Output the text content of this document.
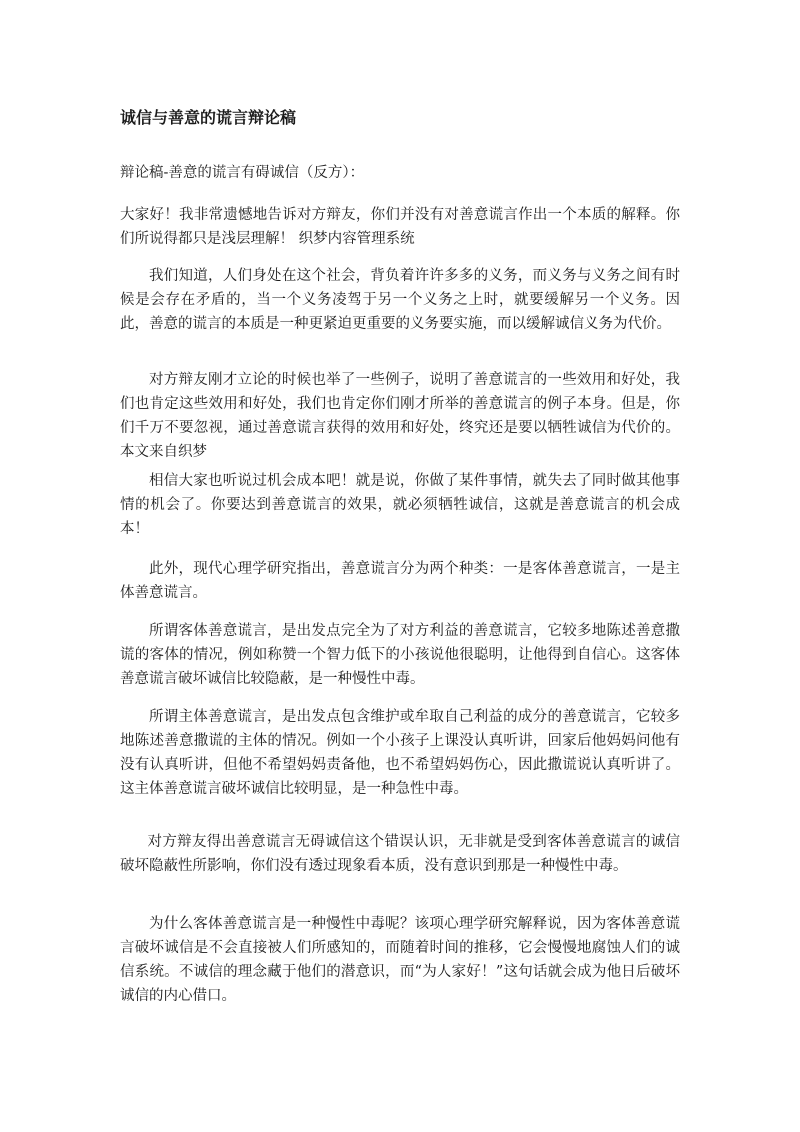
诚信与善意的谎言辩论稿

辩论稿-善意的谎言有碍诚信（反方）：

大家好！我非常遗憾地告诉对方辩友，你们并没有对善意谎言作出一个本质的解释。你们所说得都只是浅层理解！ 织梦内容管理系统

我们知道，人们身处在这个社会，背负着许许多多的义务，而义务与义务之间有时候是会存在矛盾的，当一个义务凌驾于另一个义务之上时，就要缓解另一个义务。因此，善意的谎言的本质是一种更紧迫更重要的义务要实施，而以缓解诚信义务为代价。

对方辩友刚才立论的时候也举了一些例子，说明了善意谎言的一些效用和好处，我们也肯定这些效用和好处，我们也肯定你们刚才所举的善意谎言的例子本身。但是，你们千万不要忽视，通过善意谎言获得的效用和好处，终究还是要以牺牲诚信为代价的。 本文来自织梦

相信大家也听说过机会成本吧！就是说，你做了某件事情，就失去了同时做其他事情的机会了。你要达到善意谎言的效果，就必须牺牲诚信，这就是善意谎言的机会成本！

此外，现代心理学研究指出，善意谎言分为两个种类：一是客体善意谎言，一是主体善意谎言。

所谓客体善意谎言，是出发点完全为了对方利益的善意谎言，它较多地陈述善意撒谎的客体的情况，例如称赞一个智力低下的小孩说他很聪明，让他得到自信心。这客体善意谎言破坏诚信比较隐蔽，是一种慢性中毒。

所谓主体善意谎言，是出发点包含维护或牟取自己利益的成分的善意谎言，它较多地陈述善意撒谎的主体的情况。例如一个小孩子上课没认真听讲，回家后他妈妈问他有没有认真听讲，但他不希望妈妈责备他，也不希望妈妈伤心，因此撒谎说认真听讲了。这主体善意谎言破坏诚信比较明显，是一种急性中毒。

对方辩友得出善意谎言无碍诚信这个错误认识，无非就是受到客体善意谎言的诚信破坏隐蔽性所影响，你们没有透过现象看本质，没有意识到那是一种慢性中毒。

为什么客体善意谎言是一种慢性中毒呢？该项心理学研究解释说，因为客体善意谎言破坏诚信是不会直接被人们所感知的，而随着时间的推移，它会慢慢地腐蚀人们的诚信系统。不诚信的理念藏于他们的潜意识，而“为人家好！”这句话就会成为他日后破坏诚信的内心借口。
